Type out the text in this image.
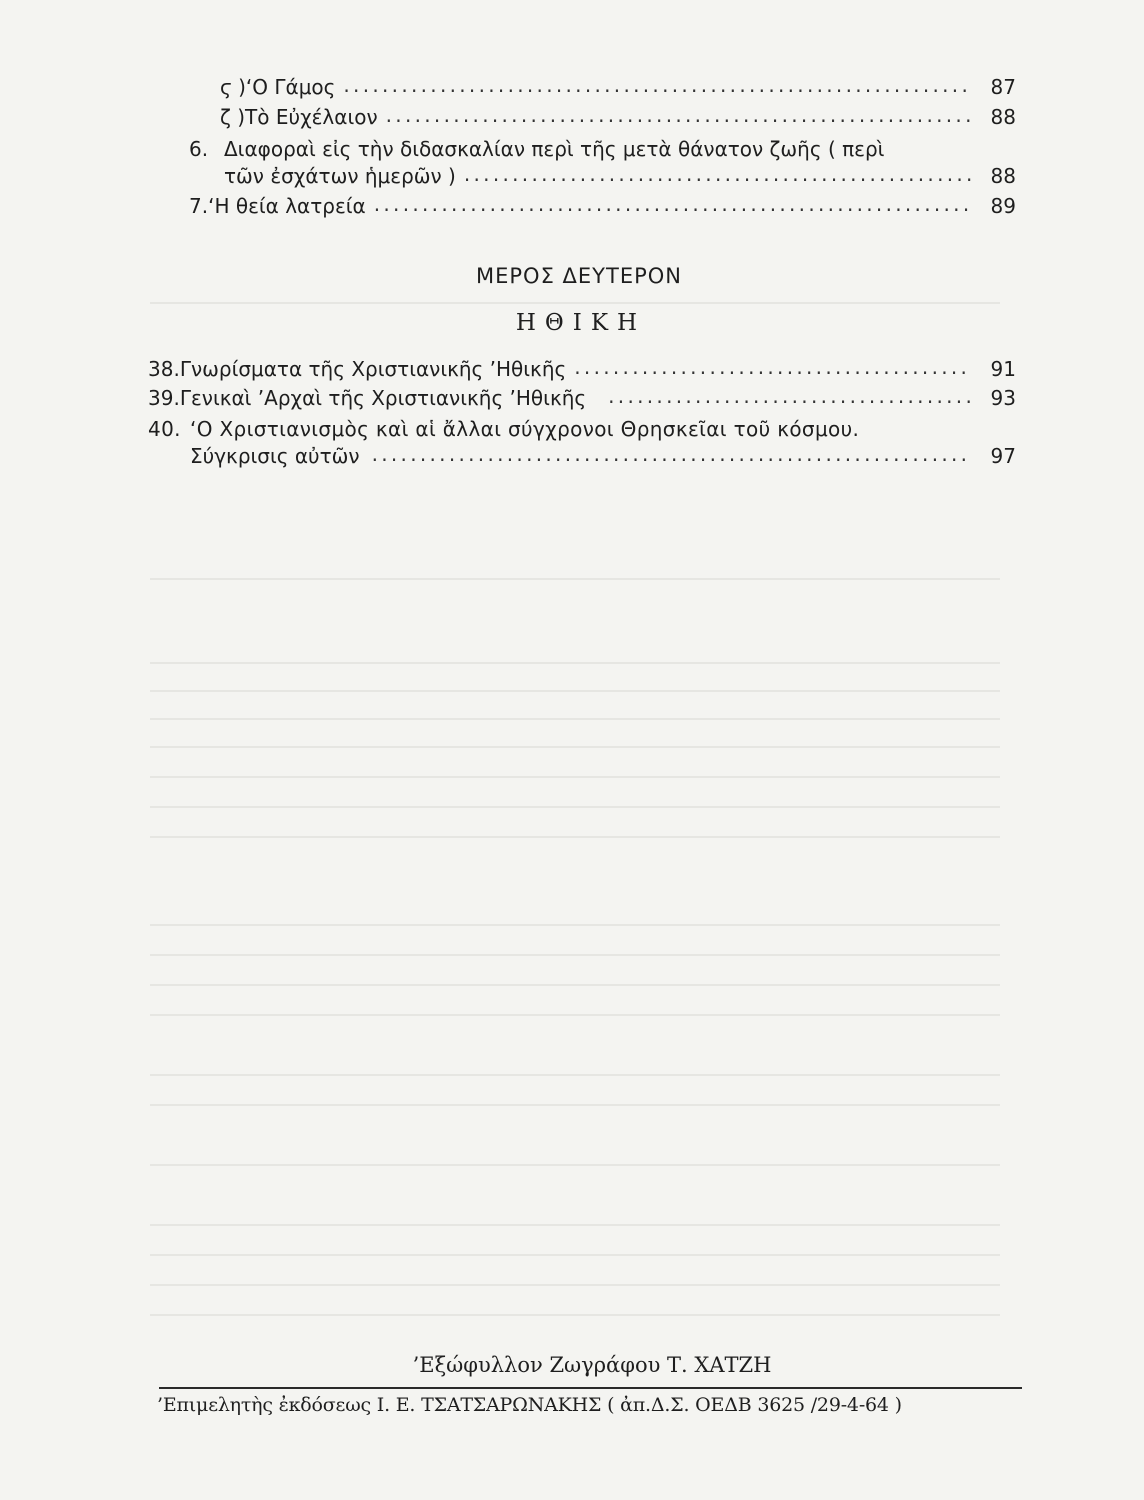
ϛ ) ‘Ο Γάμος .....	87
ζ ) Τὸ Εὐχέλαιον .....	88
6. Διαφοραὶ εἰς τὴν διδασκαλίαν περὶ τῆς μετὰ θάνατον ζωῆς ( περὶ
τῶν ἐσχάτων ἡμερῶν ) .....	88
7. ‘Η θεία λατρεία .....	89
ΜΕΡΟΣ ΔΕΥΤΕΡΟΝ
ΗΘΙΚΗ
38. Γνωρίσματα τῆς Χριστιανικῆς ’Ηθικῆς .....	91
39. Γενικαὶ ’Αρχαὶ τῆς Χριστιανικῆς ’Ηθικῆς .....	93
40. ‘Ο Χριστιανισμὸς καὶ αἱ ἄλλαι σύγχρονοι Θρησκεῖαι τοῦ κόσμου.
Σύγκρισις αὐτῶν .....	97
’Εξώφυλλον Ζωγράφου Τ. ΧΑΤΖΗ
’Επιμελητὴς ἐκδόσεως Ι. Ε. ΤΣΑΤΣΑΡΩΝΑΚΗΣ ( ἀπ.Δ.Σ. ΟΕΔΒ 3625 /29-4-64 )
